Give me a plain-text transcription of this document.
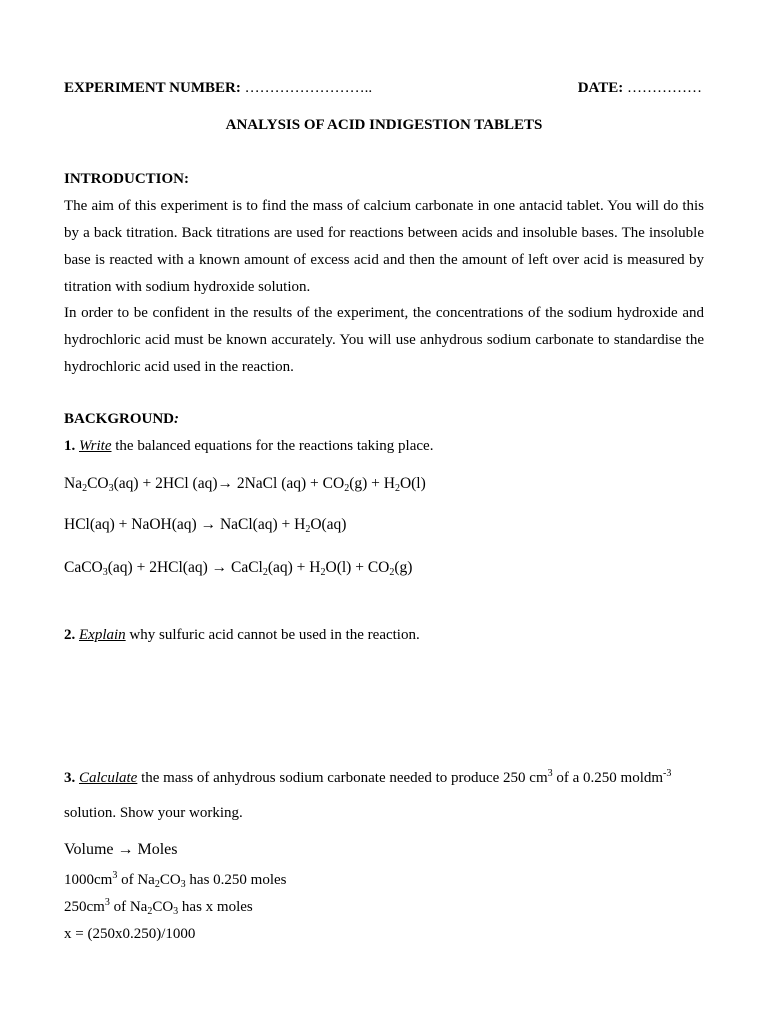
EXPERIMENT NUMBER: ……………………..	DATE: ……………
ANALYSIS OF ACID INDIGESTION TABLETS
INTRODUCTION:
The aim of this experiment is to find the mass of calcium carbonate in one antacid tablet. You will do this
by a back titration. Back titrations are used for reactions between acids and insoluble bases. The insoluble
base is reacted with a known amount of excess acid and then the amount of left over acid is measured by
titration with sodium hydroxide solution.
In order to be confident in the results of the experiment, the concentrations of the sodium hydroxide and
hydrochloric acid must be known accurately. You will use anhydrous sodium carbonate to standardise the
hydrochloric acid used in the reaction.
BACKGROUND:
1. Write the balanced equations for the reactions taking place.
$Na_2CO_3(aq) + 2HCl$ (aq)→ 2NaCl $(aq) + CO_2(g) + H_2O(l)$
HCl(aq) + NaOH(aq) → NaCl(aq) + $H_2O(aq)$
CaCO$_3$(aq) + 2HCl(aq) → CaCl$_2$(aq) + $H_2O(l) + CO_2(g)$
2. Explain why sulfuric acid cannot be used in the reaction.
3. Calculate the mass of anhydrous sodium carbonate needed to produce 250 $cm^3$ of a 0.250 moldm$^{-3}$
solution. Show your working.
Volume → Moles
$1000cm^3$ of $Na_2CO_3$ has 0.250 moles
$250cm^3$ of $Na_2CO_3$ has x moles
x = (250x0.250)/1000
